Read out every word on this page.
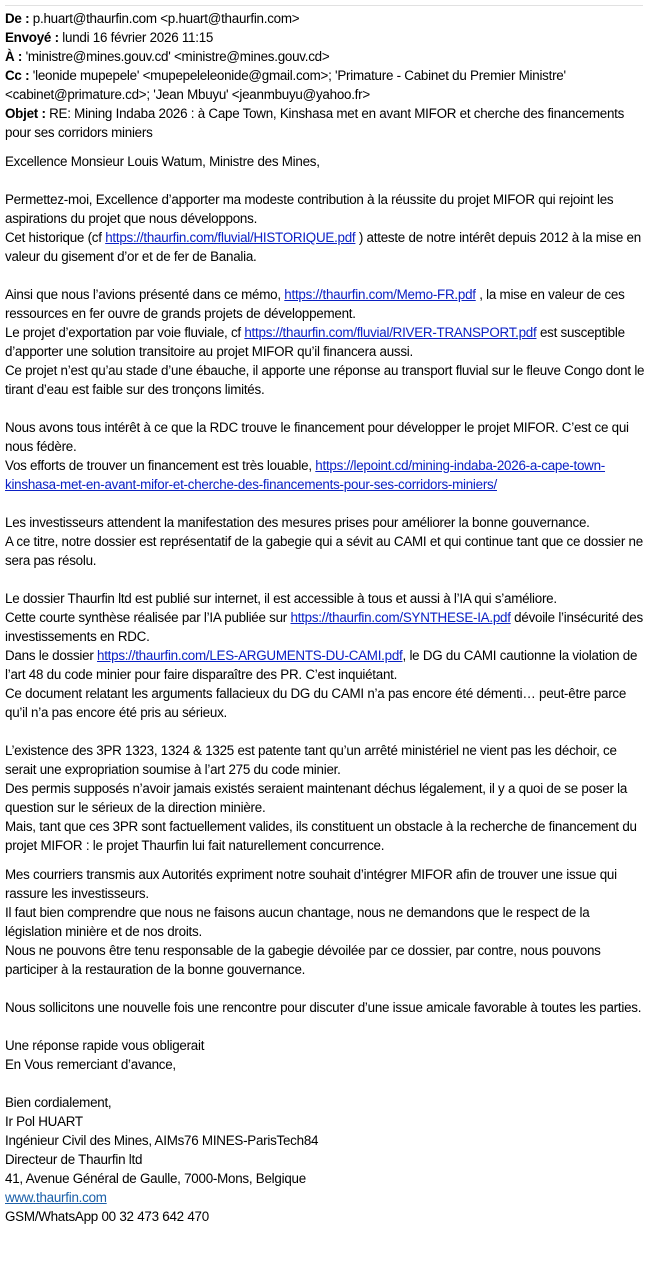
De : p.huart@thaurfin.com <p.huart@thaurfin.com>
Envoyé : lundi 16 février 2026 11:15
À : 'ministre@mines.gouv.cd' <ministre@mines.gouv.cd>
Cc : 'leonide mupepele' <mupepeleleonide@gmail.com>; 'Primature - Cabinet du Premier Ministre' <cabinet@primature.cd>; 'Jean Mbuyu' <jeanmbuyu@yahoo.fr>
Objet : RE: Mining Indaba 2026 : à Cape Town, Kinshasa met en avant MIFOR et cherche des financements pour ses corridors miniers
Excellence Monsieur Louis Watum, Ministre des Mines,
Permettez-moi, Excellence d’apporter ma modeste contribution à la réussite du projet MIFOR qui rejoint les aspirations du projet que nous développons.
Cet historique (cf https://thaurfin.com/fluvial/HISTORIQUE.pdf ) atteste de notre intérêt depuis 2012 à la mise en valeur du gisement d’or et de fer de Banalia.
Ainsi que nous l’avions présenté dans ce mémo, https://thaurfin.com/Memo-FR.pdf , la mise en valeur de ces ressources en fer ouvre de grands projets de développement.
Le projet d’exportation par voie fluviale, cf https://thaurfin.com/fluvial/RIVER-TRANSPORT.pdf est susceptible d’apporter une solution transitoire au projet MIFOR qu’il financera aussi.
Ce projet n’est qu’au stade d’une ébauche, il apporte une réponse au transport fluvial sur le fleuve Congo dont le tirant d’eau est faible sur des tronçons limités.
Nous avons tous intérêt à ce que la RDC trouve le financement pour développer le projet MIFOR. C’est ce qui nous fédère.
Vos efforts de trouver un financement est très louable, https://lepoint.cd/mining-indaba-2026-a-cape-town-kinshasa-met-en-avant-mifor-et-cherche-des-financements-pour-ses-corridors-miniers/
Les investisseurs attendent la manifestation des mesures prises pour améliorer la bonne gouvernance.
A ce titre, notre dossier est représentatif de la gabegie qui a sévit au CAMI et qui continue tant que ce dossier ne sera pas résolu.
Le dossier Thaurfin ltd est publié sur internet, il est accessible à tous et aussi à l’IA qui s’améliore.
Cette courte synthèse réalisée par l’IA publiée sur https://thaurfin.com/SYNTHESE-IA.pdf dévoile l’insécurité des investissements en RDC.
Dans le dossier https://thaurfin.com/LES-ARGUMENTS-DU-CAMI.pdf, le DG du CAMI cautionne la violation de l’art 48 du code minier pour faire disparaître des PR. C’est inquiétant.
Ce document relatant les arguments fallacieux du DG du CAMI n’a pas encore été démenti… peut-être parce qu’il n’a pas encore été pris au sérieux.
L’existence des 3PR 1323, 1324 & 1325 est patente tant qu’un arrêté ministériel ne vient pas les déchoir, ce serait une expropriation soumise à l’art 275 du code minier.
Des permis supposés n’avoir jamais existés seraient maintenant déchus légalement, il y a quoi de se poser la question sur le sérieux de la direction minière.
Mais, tant que ces 3PR sont factuellement valides, ils constituent un obstacle à la recherche de financement du projet MIFOR : le projet Thaurfin lui fait naturellement concurrence.
Mes courriers transmis aux Autorités expriment notre souhait d’intégrer MIFOR afin de trouver une issue qui rassure les investisseurs.
Il faut bien comprendre que nous ne faisons aucun chantage, nous ne demandons que le respect de la législation minière et de nos droits.
Nous ne pouvons être tenu responsable de la gabegie dévoilée par ce dossier, par contre, nous pouvons participer à la restauration de la bonne gouvernance.
Nous sollicitons une nouvelle fois une rencontre pour discuter d’une issue amicale favorable à toutes les parties.
Une réponse rapide vous obligerait
En Vous remerciant d’avance,
Bien cordialement,
Ir Pol HUART
Ingénieur Civil des Mines, AIMs76 MINES-ParisTech84
Directeur de Thaurfin ltd
41, Avenue Général de Gaulle, 7000-Mons, Belgique
www.thaurfin.com
GSM/WhatsApp 00 32 473 642 470
